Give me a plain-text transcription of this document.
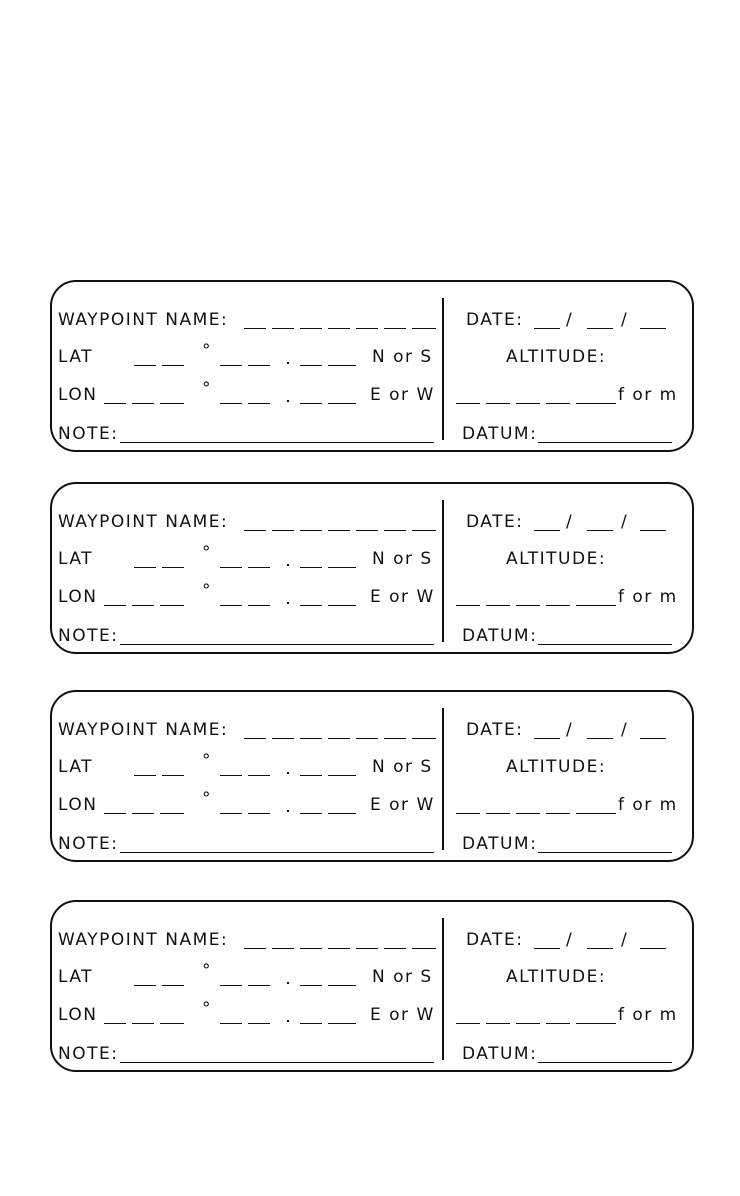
WAYPOINT NAME:
LAT	°	N or S
LON	°	E or W
NOTE:
DATE:	/	/
ALTITUDE:
f or m
DATUM:
WAYPOINT NAME:
LAT	°	N or S
LON	°	E or W
NOTE:
DATE:	/	/
ALTITUDE:
f or m
DATUM:
WAYPOINT NAME:
LAT	°	N or S
LON	°	E or W
NOTE:
DATE:	/	/
ALTITUDE:
f or m
DATUM:
WAYPOINT NAME:
LAT	°	N or S
LON	°	E or W
NOTE:
DATE:	/	/
ALTITUDE:
f or m
DATUM:
